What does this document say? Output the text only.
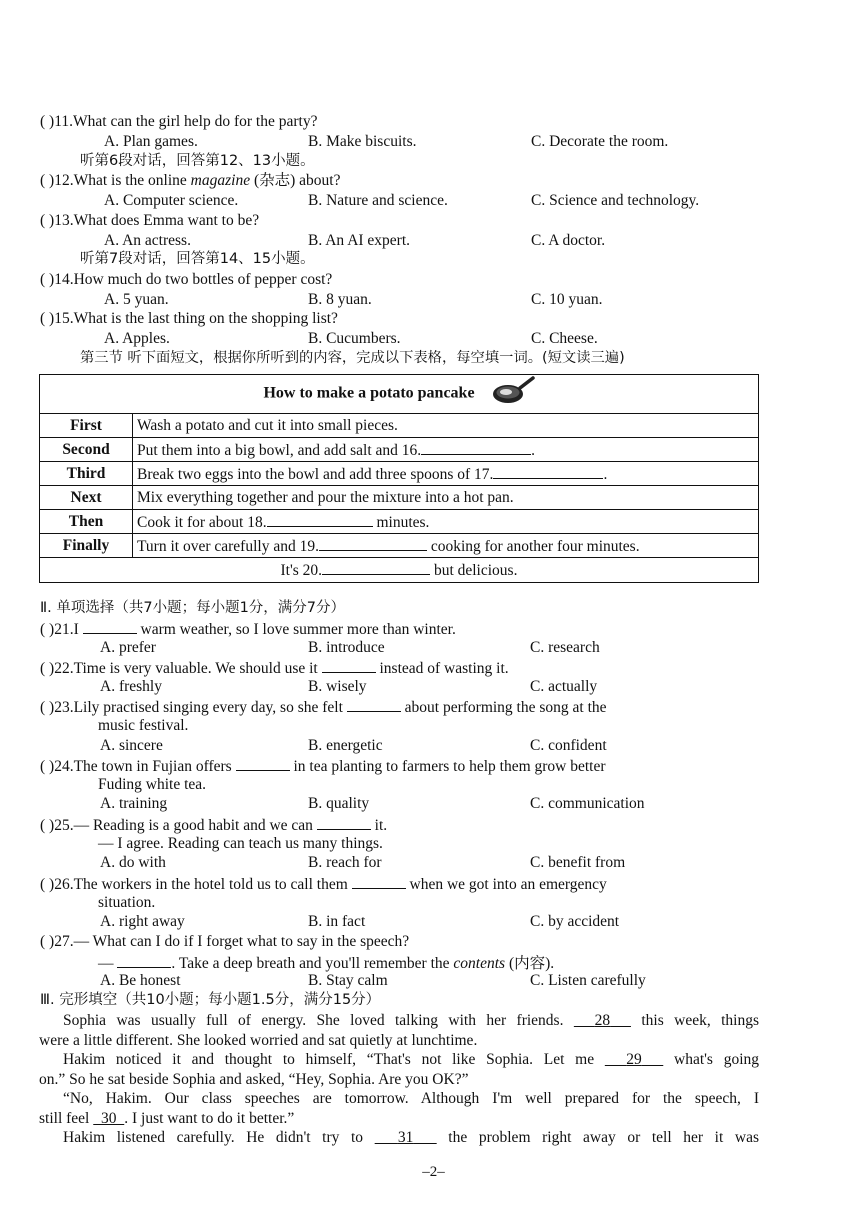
( )11.What can the girl help do for the party?
A. Plan games.	B. Make biscuits.	C. Decorate the room.
听第6段对话，回答第12、13小题。
( )12.What is the online magazine (杂志) about?
A. Computer science.	B. Nature and science.	C. Science and technology.
( )13.What does Emma want to be?
A. An actress.	B. An AI expert.	C. A doctor.
听第7段对话，回答第14、15小题。
( )14.How much do two bottles of pepper cost?
A. 5 yuan.	B. 8 yuan.	C. 10 yuan.
( )15.What is the last thing on the shopping list?
A. Apples.	B. Cucumbers.	C. Cheese.
第三节 听下面短文，根据你所听到的内容，完成以下表格，每空填一词。(短文读三遍)
How to make a potato pancake	
First	Wash a potato and cut it into small pieces.
Second	Put them into a big bowl, and add salt and 16. .
Third	Break two eggs into the bowl and add three spoons of 17. .
Next	Mix everything together and pour the mixture into a hot pan.
Then	Cook it for about 18. minutes.
Finally	Turn it over carefully and 19. cooking for another four minutes.
It's 20. but delicious.	
Ⅱ. 单项选择（共7小题；每小题1分，满分7分）
( )21.I	warm weather, so I love summer more than winter.
A. prefer	B. introduce	C. research
( )22.Time is very valuable. We should use it	instead of wasting it.
A. freshly	B. wisely	C. actually
( )23.Lily practised singing every day, so she felt	about performing the song at the
music festival.
A. sincere	B. energetic	C. confident
( )24.The town in Fujian offers	in tea planting to farmers to help them grow better
Fuding white tea.
A. training	B. quality	C. communication
( )25.— Reading is a good habit and we can	it.
— I agree. Reading can teach us many things.
A. do with	B. reach for	C. benefit from
( )26.The workers in the hotel told us to call them	when we got into an emergency
situation.
A. right away	B. in fact	C. by accident
( )27.— What can I do if I forget what to say in the speech?
—	. Take a deep breath and you'll remember the contents (内容).
A. Be honest	B. Stay calm	C. Listen carefully
Ⅲ. 完形填空（共10小题；每小题1.5分，满分15分）
Sophia was usually full of energy. She loved talking with her friends.   28   this week, things
were a little different. She looked worried and sat quietly at lunchtime.
Hakim noticed it and thought to himself, “That's not like Sophia. Let me   29   what's going
on.” So he sat beside Sophia and asked, “Hey, Sophia. Are you OK?”
“No, Hakim. Our class speeches are tomorrow. Although I'm well prepared for the speech, I
still feel   30 . I just want to do it better.”
Hakim listened carefully. He didn't try to   31   the problem right away or tell her it was
–2–
